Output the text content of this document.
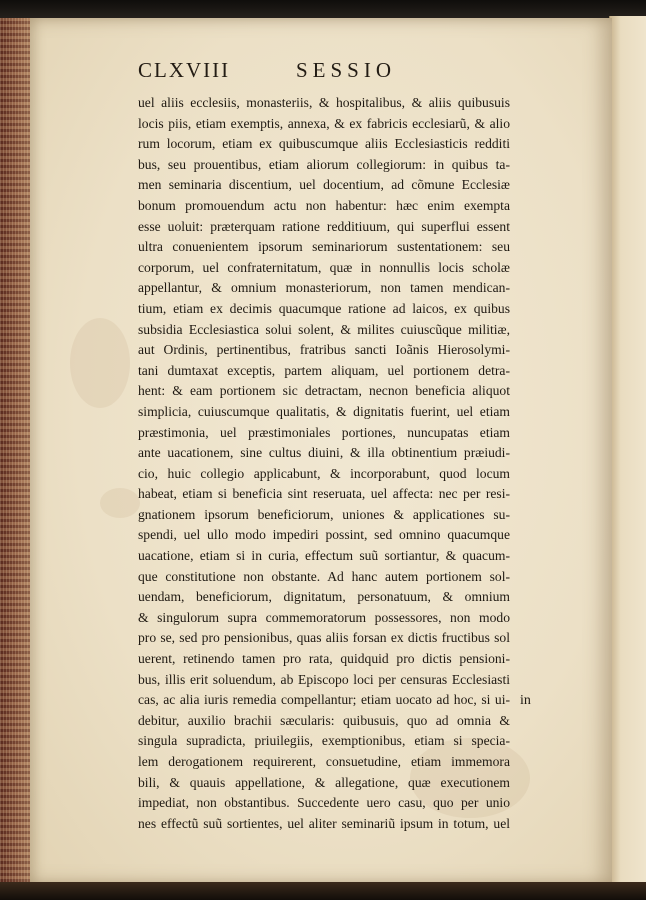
CLXVIII	SESSIO
uel aliis ecclesiis, monasteriis, & hospitalibus, & aliis quibusuis
locis piis, etiam exemptis, annexa, & ex fabricis ecclesiarũ, & alio
rum locorum, etiam ex quibuscumque aliis Ecclesiasticis redditi
bus, seu prouentibus, etiam aliorum collegiorum: in quibus ta-
men seminaria discentium, uel docentium, ad cõmune Ecclesiæ
bonum promouendum actu non habentur: hæc enim exempta
esse uoluit: præterquam ratione redditiuum, qui superflui essent
ultra conuenientem ipsorum seminariorum sustentationem: seu
corporum, uel confraternitatum, quæ in nonnullis locis scholæ
appellantur, & omnium monasteriorum, non tamen mendican-
tium, etiam ex decimis quacumque ratione ad laicos, ex quibus
subsidia Ecclesiastica solui solent, & milites cuiuscũque militiæ,
aut Ordinis, pertinentibus, fratribus sancti Ioãnis Hierosolymi-
tani dumtaxat exceptis, partem aliquam, uel portionem detra-
hent: & eam portionem sic detractam, necnon beneficia aliquot
simplicia, cuiuscumque qualitatis, & dignitatis fuerint, uel etiam
præstimonia, uel præstimoniales portiones, nuncupatas etiam
ante uacationem, sine cultus diuini, & illa obtinentium præiudi-
cio, huic collegio applicabunt, & incorporabunt, quod locum
habeat, etiam si beneficia sint reseruata, uel affecta: nec per resi-
gnationem ipsorum beneficiorum, uniones & applicationes su-
spendi, uel ullo modo impediri possint, sed omnino quacumque
uacatione, etiam si in curia, effectum suũ sortiantur, & quacum-
que constitutione non obstante. Ad hanc autem portionem sol-
uendam, beneficiorum, dignitatum, personatuum, & omnium
& singulorum supra commemoratorum possessores, non modo
pro se, sed pro pensionibus, quas aliis forsan ex dictis fructibus sol
uerent, retinendo tamen pro rata, quidquid pro dictis pensioni-
bus, illis erit soluendum, ab Episcopo loci per censuras Ecclesiasti
cas, ac alia iuris remedia compellantur; etiam uocato ad hoc, si ui-
debitur, auxilio brachii sæcularis: quibusuis, quo ad omnia &
singula supradicta, priuilegiis, exemptionibus, etiam si specia-
lem derogationem requirerent, consuetudine, etiam immemora
bili, & quauis appellatione, & allegatione, quæ executionem
impediat, non obstantibus. Succedente uero casu, quo per unio
nes effectũ suũ sortientes, uel aliter seminariũ ipsum in totum, uel
in
